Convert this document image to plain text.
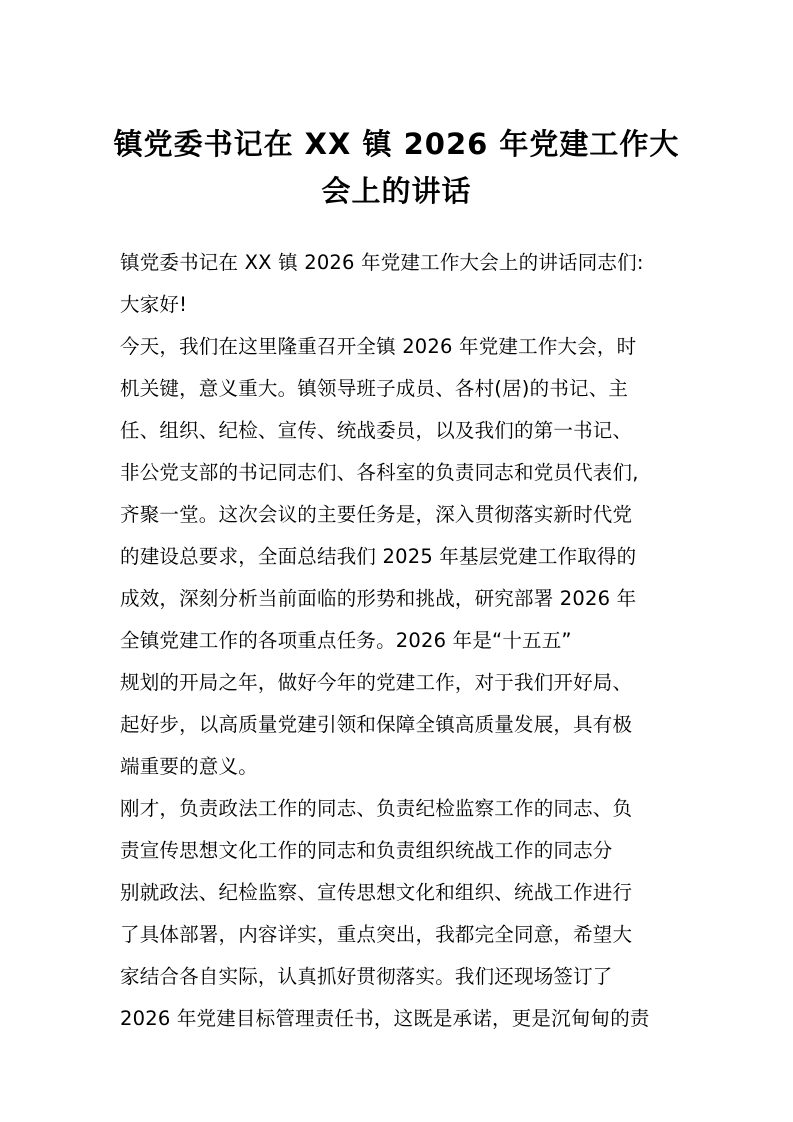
镇党委书记在 XX 镇 2026 年党建工作大
会上的讲话

镇党委书记在 XX 镇 2026 年党建工作大会上的讲话同志们:

大家好!

今天，我们在这里隆重召开全镇 2026 年党建工作大会，时

机关键，意义重大。镇领导班子成员、各村(居)的书记、主

任、组织、纪检、宣传、统战委员，以及我们的第一书记、

非公党支部的书记同志们、各科室的负责同志和党员代表们,

齐聚一堂。这次会议的主要任务是，深入贯彻落实新时代党

的建设总要求，全面总结我们 2025 年基层党建工作取得的

成效，深刻分析当前面临的形势和挑战，研究部署 2026 年

全镇党建工作的各项重点任务。2026 年是“十五五”

规划的开局之年，做好今年的党建工作，对于我们开好局、

起好步，以高质量党建引领和保障全镇高质量发展，具有极

端重要的意义。

刚才，负责政法工作的同志、负责纪检监察工作的同志、负

责宣传思想文化工作的同志和负责组织统战工作的同志分

别就政法、纪检监察、宣传思想文化和组织、统战工作进行

了具体部署，内容详实，重点突出，我都完全同意，希望大

家结合各自实际，认真抓好贯彻落实。我们还现场签订了

2026 年党建目标管理责任书，这既是承诺，更是沉甸甸的责
